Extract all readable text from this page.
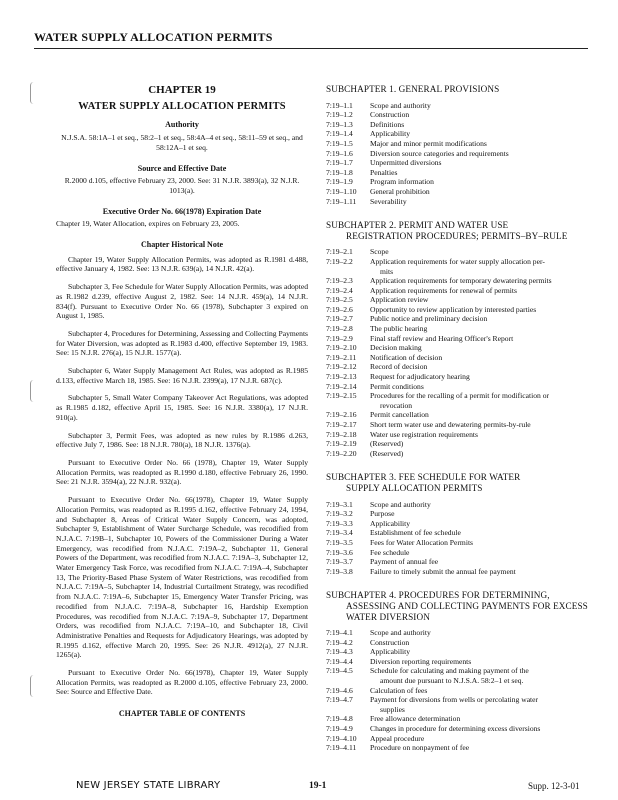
WATER SUPPLY ALLOCATION PERMITS
CHAPTER 19
WATER SUPPLY ALLOCATION PERMITS
Authority
N.J.S.A. 58:1A–1 et seq., 58:2–1 et seq., 58:4A–4 et seq., 58:11–59 et seq., and 58:12A–1 et seq.
Source and Effective Date
R.2000 d.105, effective February 23, 2000. See: 31 N.J.R. 3893(a), 32 N.J.R. 1013(a).
Executive Order No. 66(1978) Expiration Date
Chapter 19, Water Allocation, expires on February 23, 2005.
Chapter Historical Note

Chapter 19, Water Supply Allocation Permits, was adopted as R.1981 d.488, effective January 4, 1982. See: 13 N.J.R. 639(a), 14 N.J.R. 42(a).

Subchapter 3, Fee Schedule for Water Supply Allocation Permits, was adopted as R.1982 d.239, effective August 2, 1982. See: 14 N.J.R. 459(a), 14 N.J.R. 834(f). Pursuant to Executive Order No. 66 (1978), Subchapter 3 expired on August 1, 1985.

Subchapter 4, Procedures for Determining, Assessing and Collecting Payments for Water Diversion, was adopted as R.1983 d.400, effective September 19, 1983. See: 15 N.J.R. 276(a), 15 N.J.R. 1577(a).

Subchapter 6, Water Supply Management Act Rules, was adopted as R.1985 d.133, effective March 18, 1985. See: 16 N.J.R. 2399(a), 17 N.J.R. 687(c).

Subchapter 5, Small Water Company Takeover Act Regulations, was adopted as R.1985 d.182, effective April 15, 1985. See: 16 N.J.R. 3380(a), 17 N.J.R. 910(a).

Subchapter 3, Permit Fees, was adopted as new rules by R.1986 d.263, effective July 7, 1986. See: 18 N.J.R. 780(a), 18 N.J.R. 1376(a).

Pursuant to Executive Order No. 66 (1978), Chapter 19, Water Supply Allocation Permits, was readopted as R.1990 d.180, effective February 26, 1990. See: 21 N.J.R. 3594(a), 22 N.J.R. 932(a).

Pursuant to Executive Order No. 66(1978), Chapter 19, Water Supply Allocation Permits, was readopted as R.1995 d.162, effective February 24, 1994, and Subchapter 8, Areas of Critical Water Supply Concern, was adopted, Subchapter 9, Establishment of Water Surcharge Schedule, was recodified from N.J.A.C. 7:19B–1, Subchapter 10, Powers of the Commissioner During a Water Emergency, was recodified from N.J.A.C. 7:19A–2, Subchapter 11, General Powers of the Department, was recodified from N.J.A.C. 7:19A–3, Subchapter 12, Water Emergency Task Force, was recodified from N.J.A.C. 7:19A–4, Subchapter 13, The Priority-Based Phase System of Water Restrictions, was recodified from N.J.A.C. 7:19A–5, Subchapter 14, Industrial Curtailment Strategy, was recodified from N.J.A.C. 7:19A–6, Subchapter 15, Emergency Water Transfer Pricing, was recodified from N.J.A.C. 7:19A–8, Subchapter 16, Hardship Exemption Procedures, was recodified from N.J.A.C. 7:19A–9, Subchapter 17, Department Orders, was recodified from N.J.A.C. 7:19A–10, and Subchapter 18, Civil Administrative Penalties and Requests for Adjudicatory Hearings, was adopted by R.1995 d.162, effective March 20, 1995. See: 26 N.J.R. 4912(a), 27 N.J.R. 1265(a).

Pursuant to Executive Order No. 66(1978), Chapter 19, Water Supply Allocation Permits, was readopted as R.2000 d.105, effective February 23, 2000. See: Source and Effective Date.

CHAPTER TABLE OF CONTENTS
SUBCHAPTER 1. GENERAL PROVISIONS
7:19–1.1	Scope and authority
7:19–1.2	Construction
7:19–1.3	Definitions
7:19–1.4	Applicability
7:19–1.5	Major and minor permit modifications
7:19–1.6	Diversion source categories and requirements
7:19–1.7	Unpermitted diversions
7:19–1.8	Penalties
7:19–1.9	Program information
7:19–1.10	General prohibition
7:19–1.11	Severability
SUBCHAPTER 2. PERMIT AND WATER USE
REGISTRATION PROCEDURES; PERMITS–BY–RULE
7:19–2.1	Scope
7:19–2.2	Application requirements for water supply allocation per-
mits
7:19–2.3	Application requirements for temporary dewatering permits
7:19–2.4	Application requirements for renewal of permits
7:19–2.5	Application review
7:19–2.6	Opportunity to review application by interested parties
7:19–2.7	Public notice and preliminary decision
7:19–2.8	The public hearing
7:19–2.9	Final staff review and Hearing Officer's Report
7:19–2.10	Decision making
7:19–2.11	Notification of decision
7:19–2.12	Record of decision
7:19–2.13	Request for adjudicatory hearing
7:19–2.14	Permit conditions
7:19–2.15	Procedures for the recalling of a permit for modification or
revocation
7:19–2.16	Permit cancellation
7:19–2.17	Short term water use and dewatering permits-by-rule
7:19–2.18	Water use registration requirements
7:19–2.19	(Reserved)
7:19–2.20	(Reserved)
SUBCHAPTER 3. FEE SCHEDULE FOR WATER
SUPPLY ALLOCATION PERMITS
7:19–3.1	Scope and authority
7:19–3.2	Purpose
7:19–3.3	Applicability
7:19–3.4	Establishment of fee schedule
7:19–3.5	Fees for Water Allocation Permits
7:19–3.6	Fee schedule
7:19–3.7	Payment of annual fee
7:19–3.8	Failure to timely submit the annual fee payment
SUBCHAPTER 4. PROCEDURES FOR DETERMINING,
ASSESSING AND COLLECTING PAYMENTS FOR EXCESS WATER DIVERSION
7:19–4.1	Scope and authority
7:19–4.2	Construction
7:19–4.3	Applicability
7:19–4.4	Diversion reporting requirements
7:19–4.5	Schedule for calculating and making payment of the
amount due pursuant to N.J.S.A. 58:2–1 et seq.
7:19–4.6	Calculation of fees
7:19–4.7	Payment for diversions from wells or percolating water
supplies
7:19–4.8	Free allowance determination
7:19–4.9	Changes in procedure for determining excess diversions
7:19–4.10	Appeal procedure
7:19–4.11	Procedure on nonpayment of fee
NEW JERSEY STATE LIBRARY	19-1	Supp. 12-3-01
